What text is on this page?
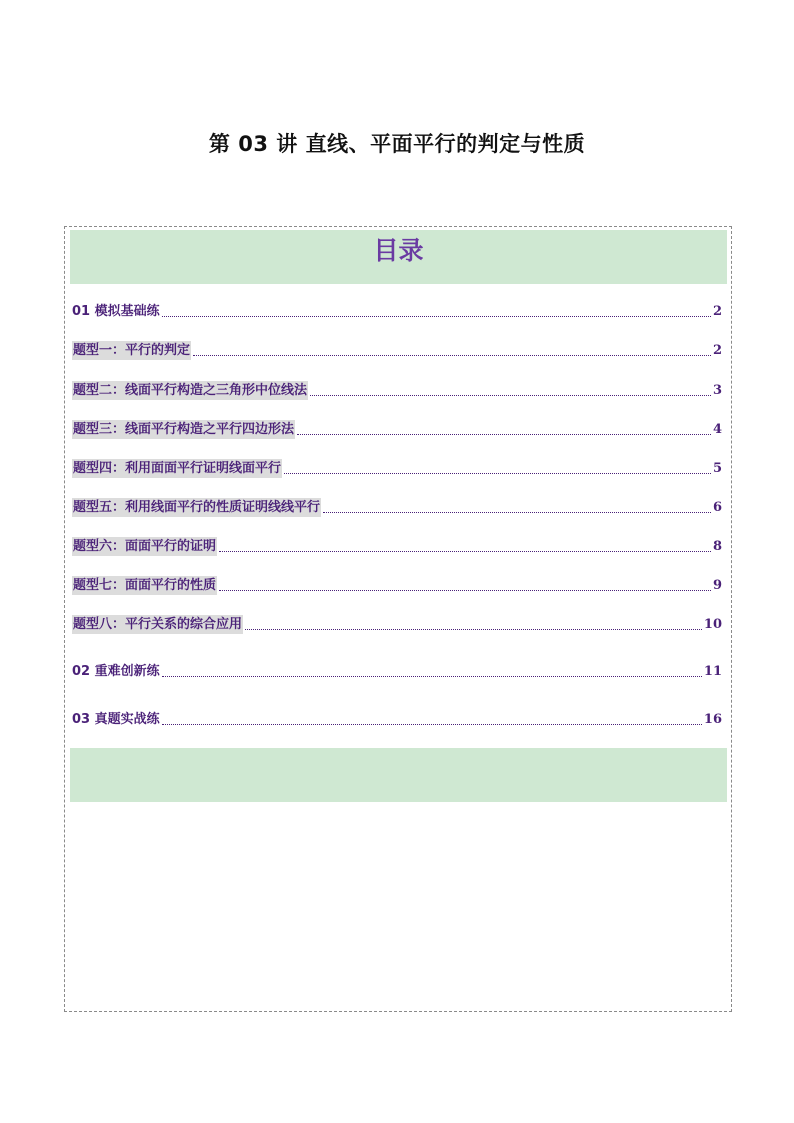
第 03 讲 直线、平面平行的判定与性质
目录
01 模拟基础练	2
题型一：平行的判定	2
题型二：线面平行构造之三角形中位线法	3
题型三：线面平行构造之平行四边形法	4
题型四：利用面面平行证明线面平行	5
题型五：利用线面平行的性质证明线线平行	6
题型六：面面平行的证明	8
题型七：面面平行的性质	9
题型八：平行关系的综合应用	10
02 重难创新练	11
03 真题实战练	16
